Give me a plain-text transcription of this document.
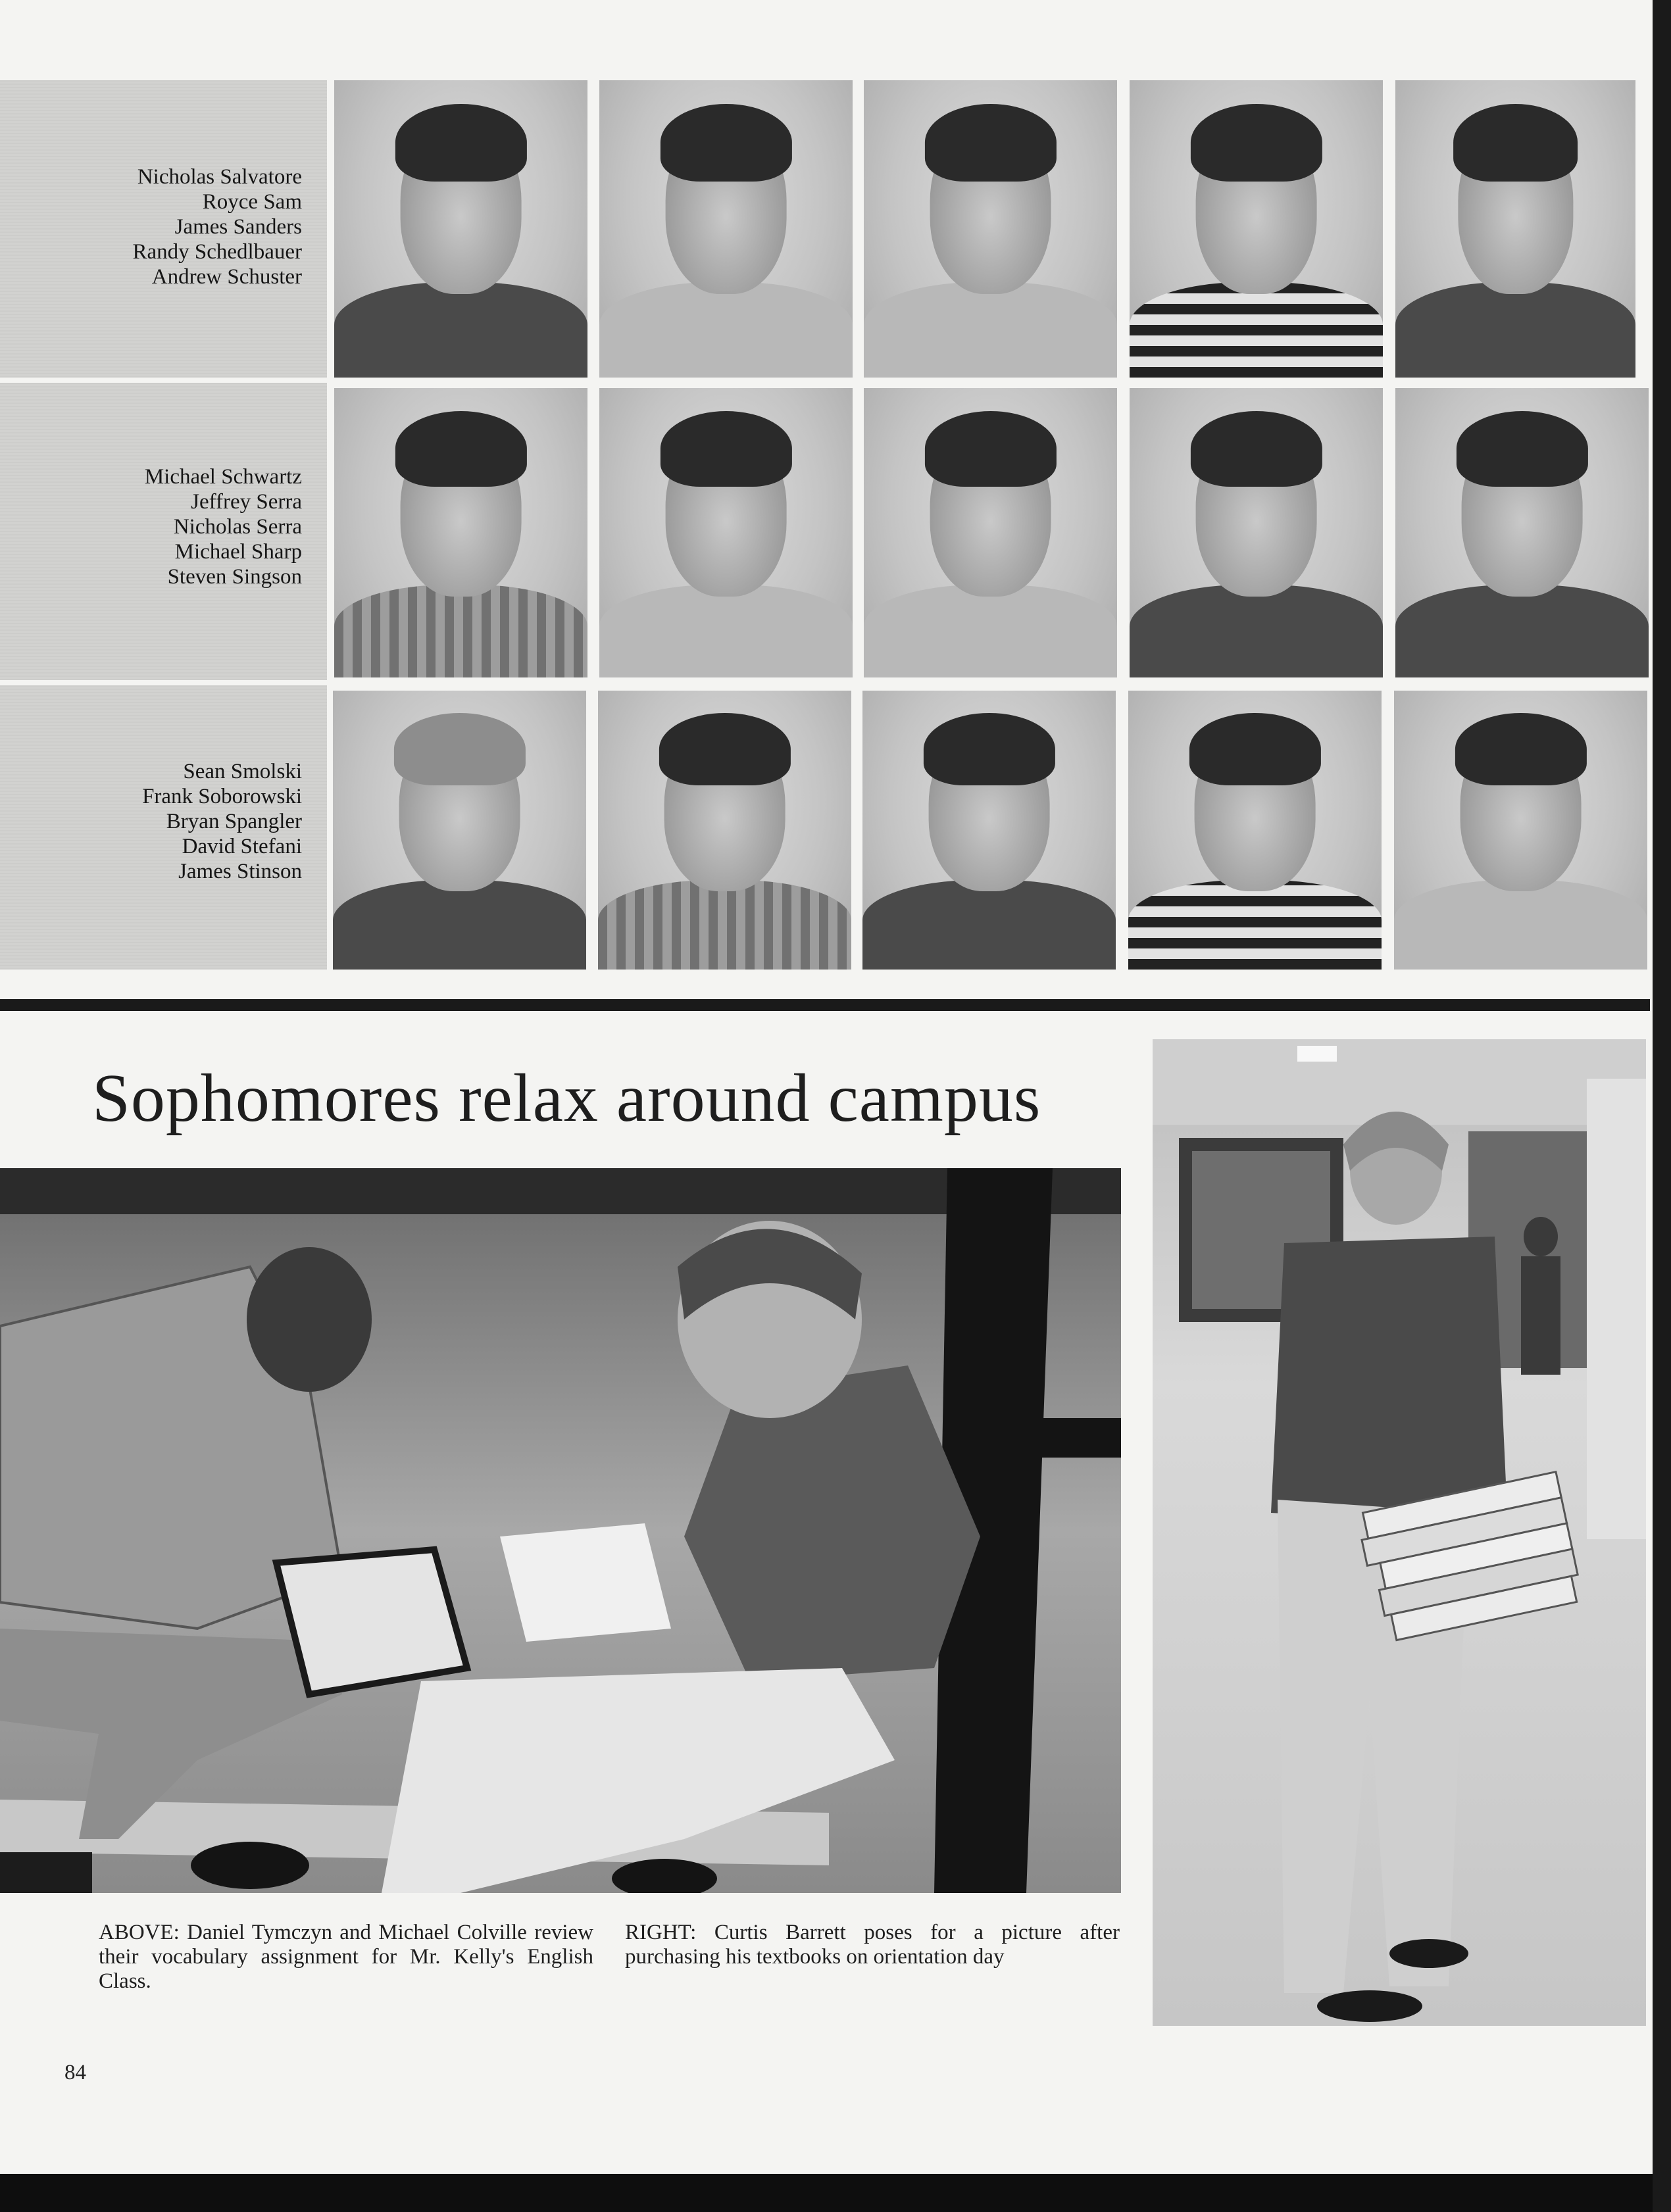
Nicholas Salvatore
Royce Sam
James Sanders
Randy Schedlbauer
Andrew Schuster
Michael Schwartz
Jeffrey Serra
Nicholas Serra
Michael Sharp
Steven Singson
Sean Smolski
Frank Soborowski
Bryan Spangler
David Stefani
James Stinson
Sophomores relax around campus
ABOVE: Daniel Tymczyn and Michael Colville review their vocabulary assignment for Mr. Kelly's English Class.
RIGHT: Curtis Barrett poses for a picture after purchasing his textbooks on orientation day
84
